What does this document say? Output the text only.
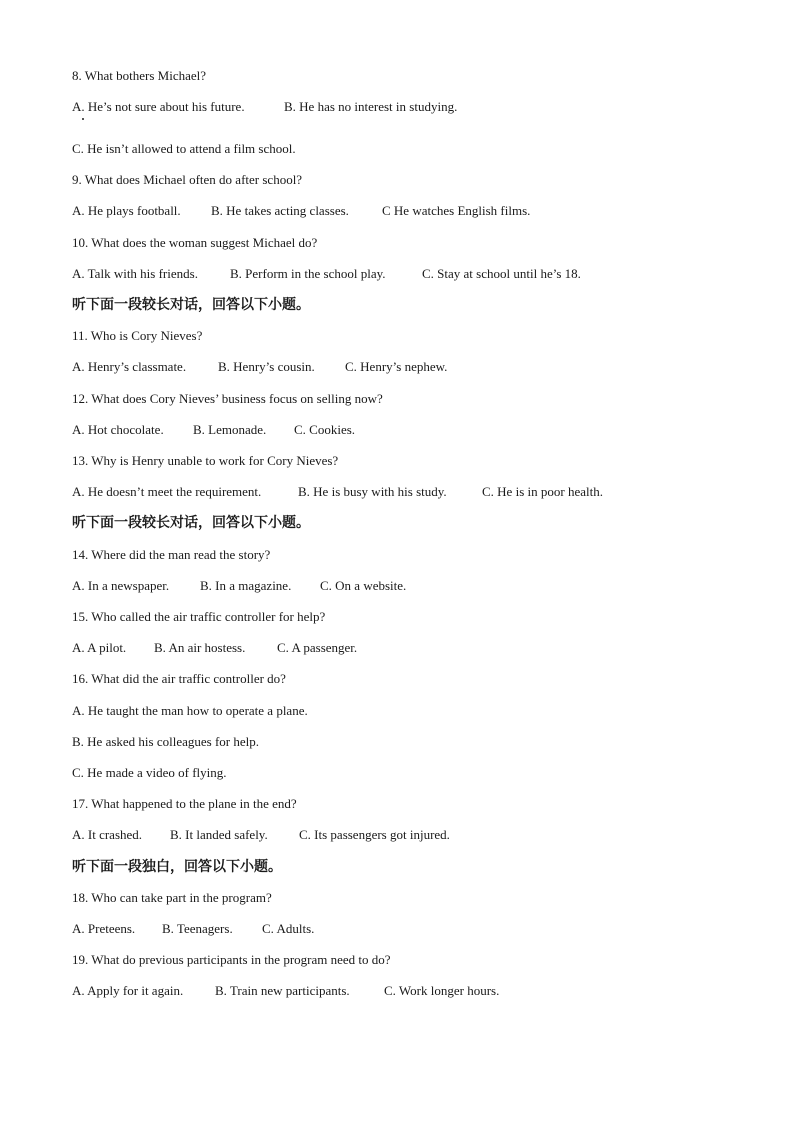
8. What bothers Michael?
A. He’s not sure about his future.	B. He has no interest in studying.
C. He isn’t allowed to attend a film school.
9. What does Michael often do after school?
A. He plays football. B. He takes acting classes.	C He watches English films.
10. What does the woman suggest Michael do?
A. Talk with his friends. B. Perform in the school play.	C. Stay at school until he’s 18.
听下面一段较长对话，回答以下小题。
11. Who is Cory Nieves?
A. Henry’s classmate. B. Henry’s cousin. C. Henry’s nephew.
12. What does Cory Nieves’ business focus on selling now?
A. Hot chocolate. B. Lemonade. C. Cookies.
13. Why is Henry unable to work for Cory Nieves?
A. He doesn’t meet the requirement.	B. He is busy with his study.	C. He is in poor health.
听下面一段较长对话，回答以下小题。
14. Where did the man read the story?
A. In a newspaper. B. In a magazine. C. On a website.
15. Who called the air traffic controller for help?
A. A pilot. B. An air hostess. C. A passenger.
16. What did the air traffic controller do?
A. He taught the man how to operate a plane.
B. He asked his colleagues for help.
C. He made a video of flying.
17. What happened to the plane in the end?
A. It crashed. B. It landed safely. C. Its passengers got injured.
听下面一段独白，回答以下小题。
18. Who can take part in the program?
A. Preteens. B. Teenagers. C. Adults.
19. What do previous participants in the program need to do?
A. Apply for it again. B. Train new participants.	C. Work longer hours.
